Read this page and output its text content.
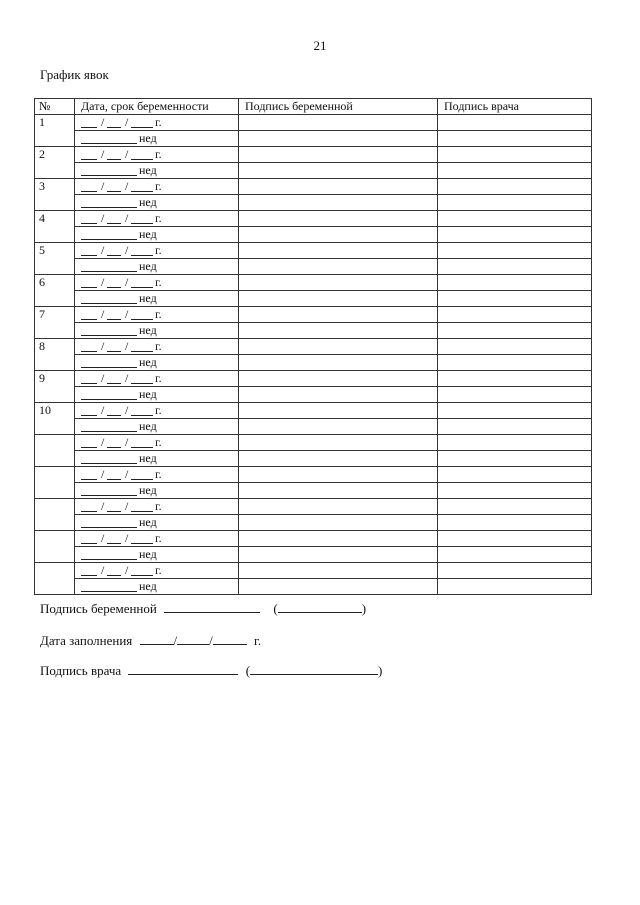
21
График явок
№	Дата, срок беременности	Подпись беременной	Подпись врача
1	/ / г.		

	нед		

2	/ / г.		

	нед		

3	/ / г.		

	нед		

4	/ / г.		

	нед		

5	/ / г.		

	нед		

6	/ / г.		

	нед		

7	/ / г.		

	нед		

8	/ / г.		

	нед		

9	/ / г.		

	нед		

10	/ / г.		

	нед		

	/ / г.		

	нед		

	/ / г.		

	нед		

	/ / г.		

	нед		

	/ / г.		

	нед		

	/ / г.		

	нед		

Подпись беременной	(	)
Дата заполнения	/ /	г.
Подпись врача	(	)
